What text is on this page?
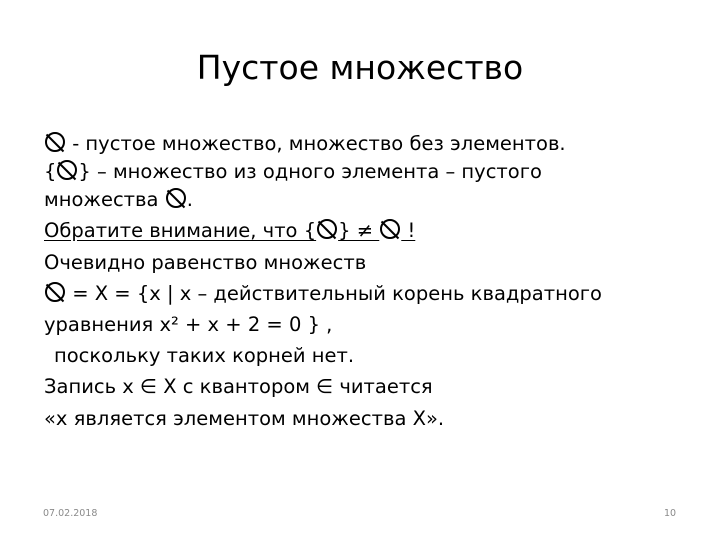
Пустое множество
- пустое множество, множество без элементов.
{ } – множество из одного элемента – пустого
множества .
Обратите внимание, что { } ≠  !
Очевидно равенство множеств
= X = {x | x – действительный корень квадратного
уравнения x² + x + 2 = 0 } ,
поскольку таких корней нет.
Запись x ∈ X с квантором ∈ читается
«x является элементом множества X».
07.02.2018	10
